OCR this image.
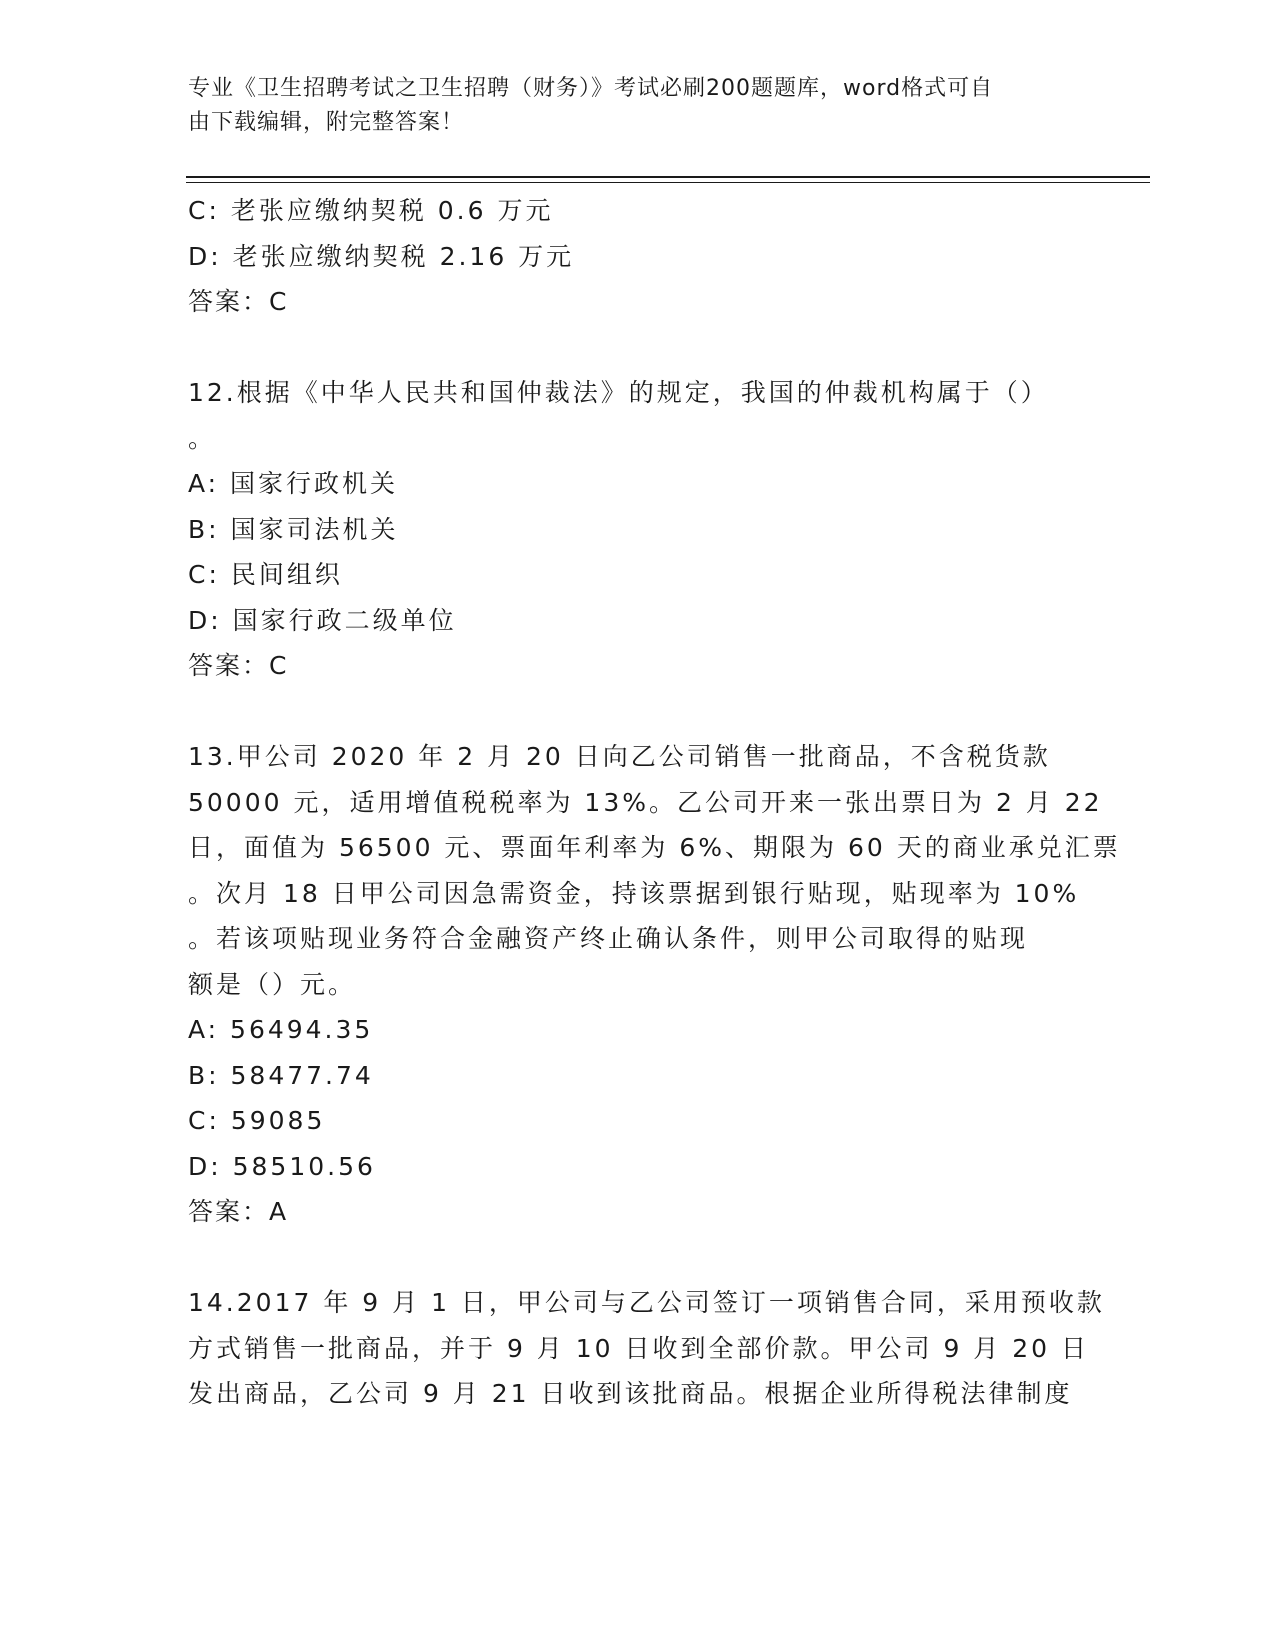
专业《卫生招聘考试之卫生招聘（财务）》考试必刷200题题库，word格式可自
由下载编辑，附完整答案！
C: 老张应缴纳契税 0.6 万元
D: 老张应缴纳契税 2.16 万元
答案：C
12.根据《中华人民共和国仲裁法》的规定，我国的仲裁机构属于（）
。
A: 国家行政机关
B: 国家司法机关
C: 民间组织
D: 国家行政二级单位
答案：C
13.甲公司 2020 年 2 月 20 日向乙公司销售一批商品，不含税货款
50000 元，适用增值税税率为 13%。乙公司开来一张出票日为 2 月 22
日，面值为 56500 元、票面年利率为 6%、期限为 60 天的商业承兑汇票
。次月 18 日甲公司因急需资金，持该票据到银行贴现，贴现率为 10%
。若该项贴现业务符合金融资产终止确认条件，则甲公司取得的贴现
额是（）元。
A: 56494.35
B: 58477.74
C: 59085
D: 58510.56
答案：A
14.2017 年 9 月 1 日，甲公司与乙公司签订一项销售合同，采用预收款
方式销售一批商品，并于 9 月 10 日收到全部价款。甲公司 9 月 20 日
发出商品，乙公司 9 月 21 日收到该批商品。根据企业所得税法律制度
